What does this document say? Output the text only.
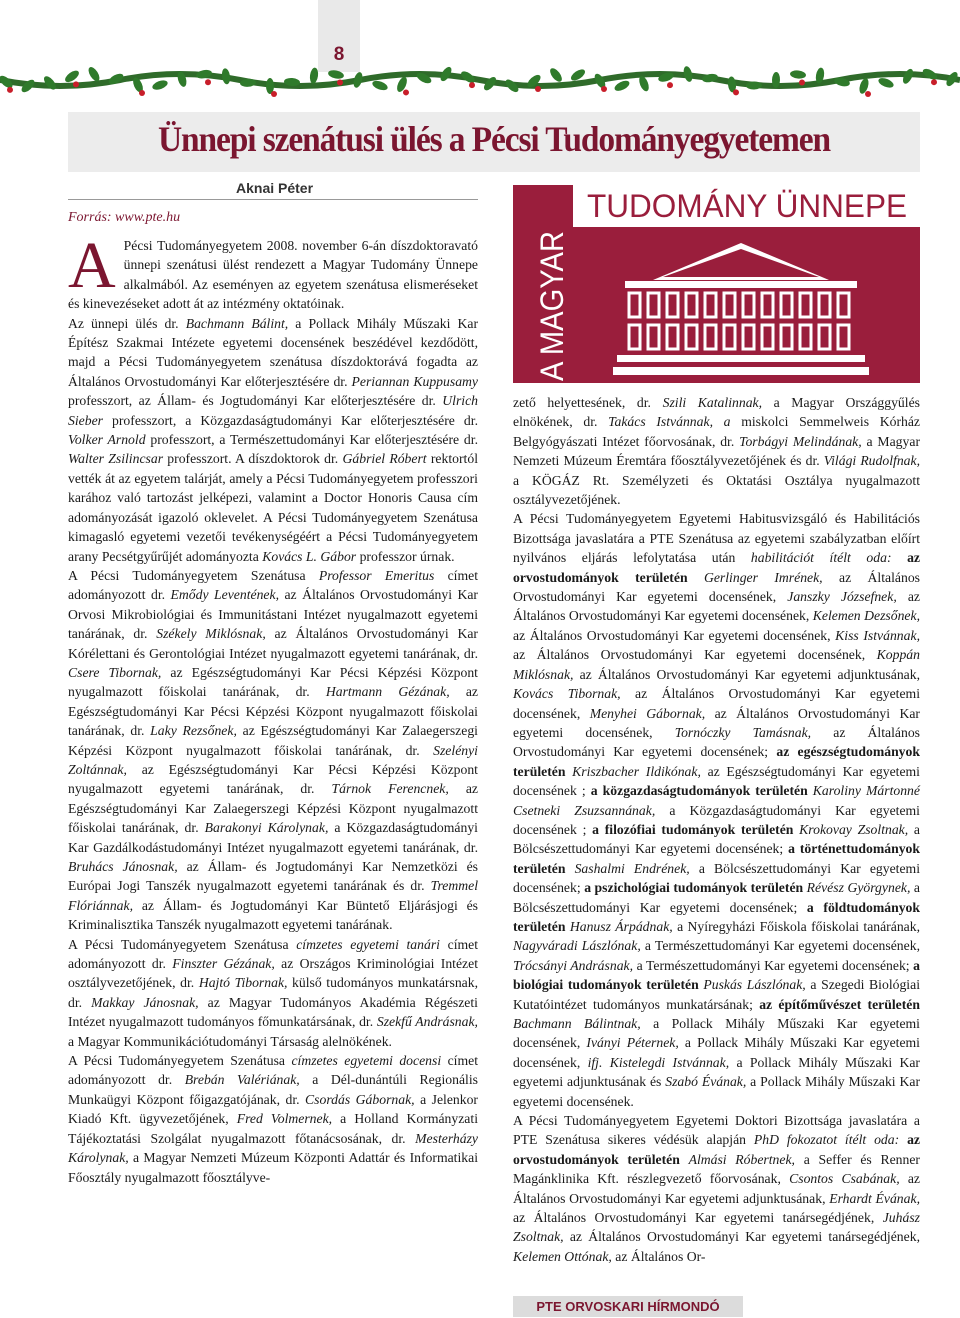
8
Ünnepi szenátusi ülés a Pécsi Tudományegyetemen
Aknai Péter
Forrás: www.pte.hu

A Pécsi Tudományegyetem 2008. november 6-án díszdoktoravató ünnepi szenátusi ülést rendezett a Magyar Tudomány Ünnepe alkalmából. Az eseményen az egyetem szenátusa elismeréseket és kinevezéseket adott át az intézmény oktatóinak.

Az ünnepi ülés dr. Bachmann Bálint, a Pollack Mihály Műszaki Kar Építész Szakmai Intézete egyetemi docensének beszédével kezdődött, majd a Pécsi Tudományegyetem szenátusa díszdoktorává fogadta az Általános Orvostudományi Kar előterjesztésére dr. Periannan Kuppusamy professzort, az Állam- és Jogtudományi Kar előterjesztésére dr. Ulrich Sieber professzort, a Közgazdaságtudományi Kar előterjesztésére dr. Volker Arnold professzort, a Természettudományi Kar előterjesztésére dr. Walter Zsilincsar professzort. A díszdoktorok dr. Gábriel Róbert rektortól vették át az egyetem talárját, amely a Pécsi Tudományegyetem professzori karához való tartozást jelképezi, valamint a Doctor Honoris Causa cím adományozását igazoló oklevelet. A Pécsi Tudományegyetem Szenátusa kimagasló egyetemi vezetői tevékenységéért a Pécsi Tudományegyetem arany Pecsétgyűrűjét adományozta Kovács L. Gábor professzor úrnak.

A Pécsi Tudományegyetem Szenátusa Professor Emeritus címet adományozott dr. Emődy Leventének, az Általános Orvostudományi Kar Orvosi Mikrobiológiai és Immunitástani Intézet nyugalmazott egyetemi tanárának, dr. Székely Miklósnak, az Általános Orvostudományi Kar Kórélettani és Gerontológiai Intézet nyugalmazott egyetemi tanárának, dr. Csere Tibornak, az Egészségtudományi Kar Pécsi Képzési Központ nyugalmazott főiskolai tanárának, dr. Hartmann Gézának, az Egészségtudományi Kar Pécsi Képzési Központ nyugalmazott főiskolai tanárának, dr. Laky Rezsőnek, az Egészségtudományi Kar Zalaegerszegi Képzési Központ nyugalmazott főiskolai tanárának, dr. Szelényi Zoltánnak, az Egészségtudományi Kar Pécsi Képzési Központ nyugalmazott egyetemi tanárának, dr. Tárnok Ferencnek, az Egészségtudományi Kar Zalaegerszegi Képzési Központ nyugalmazott főiskolai tanárának, dr. Barakonyi Károlynak, a Közgazdaságtudományi Kar Gazdálkodástudományi Intézet nyugalmazott egyetemi tanárának, dr. Bruhács Jánosnak, az Állam- és Jogtudományi Kar Nemzetközi és Európai Jogi Tanszék nyugalmazott egyetemi tanárának és dr. Tremmel Flóriánnak, az Állam- és Jogtudományi Kar Büntető Eljárásjogi és Kriminalisztika Tanszék nyugalmazott egyetemi tanárának.

A Pécsi Tudományegyetem Szenátusa címzetes egyetemi tanári címet adományozott dr. Finszter Gézának, az Országos Kriminológiai Intézet osztályvezetőjének, dr. Hajtó Tibornak, külső tudományos munkatársnak, dr. Makkay Jánosnak, az Magyar Tudományos Akadémia Régészeti Intézet nyugalmazott tudományos főmunkatársának, dr. Szekfű Andrásnak, a Magyar Kommunikációtudományi Társaság alelnökének.

A Pécsi Tudományegyetem Szenátusa címzetes egyetemi docensi címet adományozott dr. Brebán Valériának, a Dél-dunántúli Regionális Munkaügyi Központ főigazgatójának, dr. Csordás Gábornak, a Jelenkor Kiadó Kft. ügyvezetőjének, Fred Volmernek, a Holland Kormányzati Tájékoztatási Szolgálat nyugalmazott főtanácsosának, dr. Mesterházy Károlynak, a Magyar Nemzeti Múzeum Központi Adattár és Informatikai Főosztály nyugalmazott főosztályve-

TUDOMÁNY ÜNNEPE
A MAGYAR

zető helyettesének, dr. Szili Katalinnak, a Magyar Országgyűlés elnökének, dr. Takács Istvánnak, a miskolci Semmelweis Kórház Belgyógyászati Intézet főorvosának, dr. Torbágyi Melindának, a Magyar Nemzeti Múzeum Éremtára főosztályvezetőjének és dr. Világi Rudolfnak, a KÖGÁZ Rt. Személyzeti és Oktatási Osztálya nyugalmazott osztályvezetőjének.

A Pécsi Tudományegyetem Egyetemi Habitusvizsgáló és Habilitációs Bizottsága javaslatára a PTE Szenátusa az egyetemi szabályzatban előírt nyilvános eljárás lefolytatása után habilitációt ítélt oda: az orvostudományok területén Gerlinger Imrének, az Általános Orvostudományi Kar egyetemi docensének, Janszky Józsefnek, az Általános Orvostudományi Kar egyetemi docensének, Kelemen Dezsőnek, az Általános Orvostudományi Kar egyetemi docensének, Kiss Istvánnak, az Általános Orvostudományi Kar egyetemi docensének, Koppán Miklósnak, az Általános Orvostudományi Kar egyetemi adjunktusának, Kovács Tibornak, az Általános Orvostudományi Kar egyetemi docensének, Menyhei Gábornak, az Általános Orvostudományi Kar egyetemi docensének, Tornóczky Tamásnak, az Általános Orvostudományi Kar egyetemi docensének; az egészségtudományok területén Kriszbacher Ildikónak, az Egészségtudományi Kar egyetemi docensének ; a közgazdaságtudományok területén Karoliny Mártonné Csetneki Zsuzsannának, a Közgazdaságtudományi Kar egyetemi docensének ; a filozófiai tudományok területén Krokovay Zsoltnak, a Bölcsészettudományi Kar egyetemi docensének; a történettudományok területén Sashalmi Endrének, a Bölcsészettudományi Kar egyetemi docensének; a pszichológiai tudományok területén Révész Györgynek, a Bölcsészettudományi Kar egyetemi docensének; a földtudományok területén Hanusz Árpádnak, a Nyíregyházi Főiskola főiskolai tanárának, Nagyváradi Lászlónak, a Természettudományi Kar egyetemi docensének, Trócsányi Andrásnak, a Természettudományi Kar egyetemi docensének; a biológiai tudományok területén Puskás Lászlónak, a Szegedi Biológiai Kutatóintézet tudományos munkatársának; az építőművészet területén Bachmann Bálintnak, a Pollack Mihály Műszaki Kar egyetemi docensének, Iványi Péternek, a Pollack Mihály Műszaki Kar egyetemi docensének, ifj. Kistelegdi Istvánnak, a Pollack Mihály Műszaki Kar egyetemi adjunktusának és Szabó Évának, a Pollack Mihály Műszaki Kar egyetemi docensének.

A Pécsi Tudományegyetem Egyetemi Doktori Bizottsága javaslatára a PTE Szenátusa sikeres védésük alapján PhD fokozatot ítélt oda: az orvostudományok területén Almási Róbertnek, a Seffer és Renner Magánklinika Kft. részlegvezető főorvosának, Csontos Csabának, az Általános Orvostudományi Kar egyetemi adjunktusának, Erhardt Évának, az Általános Orvostudományi Kar egyetemi tanársegédjének, Juhász Zsoltnak, az Általános Orvostudományi Kar egyetemi tanársegédjének, Kelemen Ottónak, az Általános Or-

PTE ORVOSKARI HÍRMONDÓ
